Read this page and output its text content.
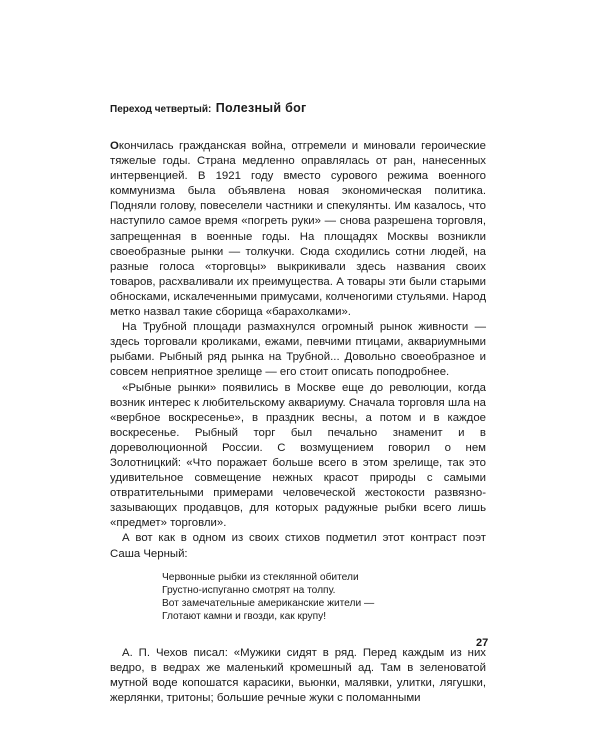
Переход четвертый: Полезный бог

Окончилась гражданская война, отгремели и миновали героические тяжелые годы. Страна медленно оправлялась от ран, нанесенных интервенцией. В 1921 году вместо сурового режима военного коммунизма была объявлена новая экономическая политика. Подняли голову, повеселели частники и спекулянты. Им казалось, что наступило самое время «погреть руки» — снова разрешена торговля, запрещенная в военные годы. На площадях Москвы возникли своеобразные рынки — толкучки. Сюда сходились сотни людей, на разные голоса «торговцы» выкрикивали здесь названия своих товаров, расхваливали их преимущества. А товары эти были старыми обносками, искалеченными примусами, колченогими стульями. Народ метко назвал такие сборища «барахолками».

На Трубной площади размахнулся огромный рынок живности — здесь торговали кроликами, ежами, певчими птицами, аквариумными рыбами. Рыбный ряд рынка на Трубной... Довольно своеобразное и совсем неприятное зрелище — его стоит описать поподробнее.

«Рыбные рынки» появились в Москве еще до революции, когда возник интерес к любительскому аквариуму. Сначала торговля шла на «вербное воскресенье», в праздник весны, а потом и в каждое воскресенье. Рыбный торг был печально знаменит и в дореволюционной России. С возмущением говорил о нем Золотницкий: «Что поражает больше всего в этом зрелище, так это удивительное совмещение нежных красот природы с самыми отвратительными примерами человеческой жестокости развязно-зазывающих продавцов, для которых радужные рыбки всего лишь «предмет» торговли».

А вот как в одном из своих стихов подметил этот контраст поэт Саша Черный:

Червонные рыбки из стеклянной обители
Грустно-испуганно смотрят на толпу.
Вот замечательные американские жители —
Глотают камни и гвозди, как крупу!

А. П. Чехов писал: «Мужики сидят в ряд. Перед каждым из них ведро, в ведрах же маленький кромешный ад. Там в зеленоватой мутной воде копошатся карасики, вьюнки, малявки, улитки, лягушки, жерлянки, тритоны; большие речные жуки с поломанными

27
